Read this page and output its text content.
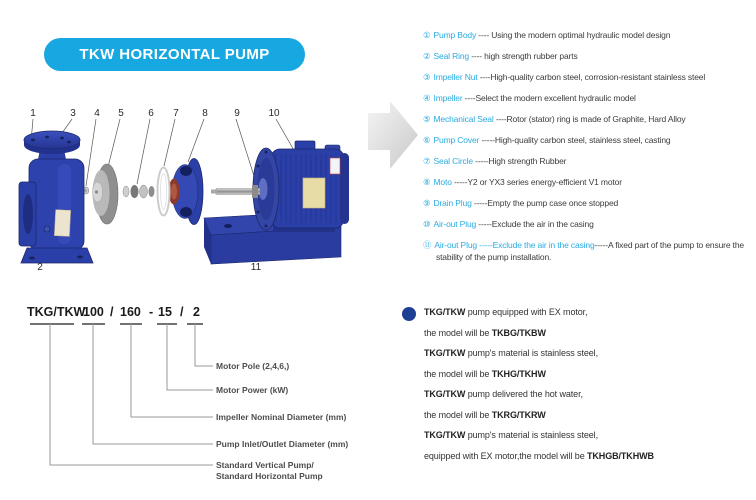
TKW HORIZONTAL PUMP
1	3 4 5 6 7 8	9	10
2	11
① Pump Body ---- Using the modern optimal hydraulic model design
② Seal Ring ---- high strength rubber parts
③ Impeller Nut ----High-quality carbon steel, corrosion-resistant stainless steel
④ Impeller ----Select the modern excellent hydraulic model
⑤ Mechanical Seal ----Rotor (stator) ring is made of Graphite, Hard Alloy
⑥ Pump Cover -----High-quality carbon steel, stainless steel, casting
⑦ Seal Circle -----High strength Rubber
⑧ Moto -----Y2 or YX3 series energy-efficient V1 motor
⑨ Drain Plug -----Empty the pump case once stopped
⑩ Air-out Plug -----Exclude the air in the casing
⑪ Air-out Plug -----Exclude the air in the casing-----A fixed part of the pump to ensure the stability of the pump installation.
TKG/TKW
100 / 160 - 15 / 2
Motor Pole (2,4,6,)
Motor Power (kW)
Impeller Nominal Diameter (mm)
Pump Inlet/Outlet Diameter (mm)
Standard Vertical Pump/
Standard Horizontal Pump
TKG/TKW pump equipped with EX motor,
the model will be TKBG/TKBW
TKG/TKW pump's material is stainless steel,
the model will be TKHG/TKHW
TKG/TKW pump delivered the hot water,
the model will be TKRG/TKRW
TKG/TKW pump's material is stainless steel,
equipped with EX motor,the model will be TKHGB/TKHWB
